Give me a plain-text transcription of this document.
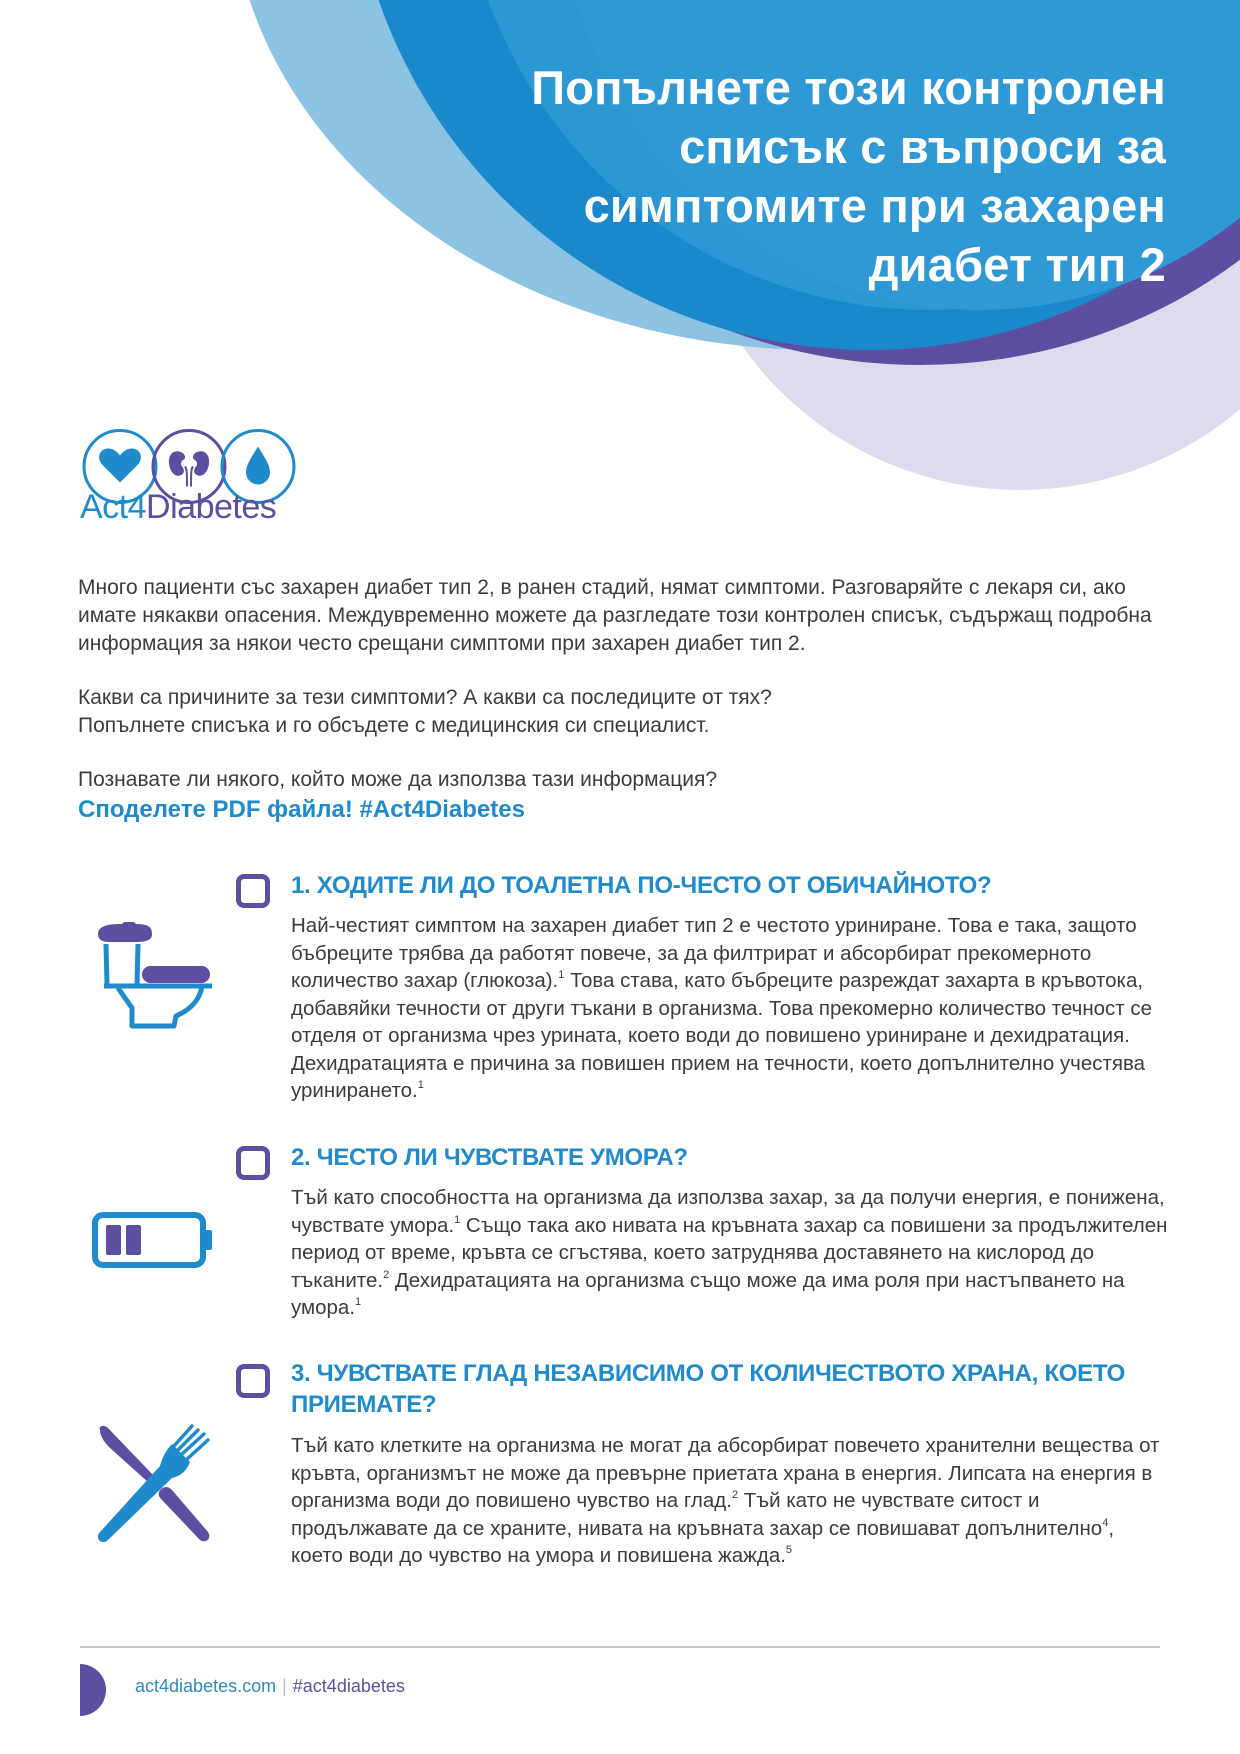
Попълнете този контролен
списък с въпроси за
симптомите при захарен
диабет тип 2
Act4Diabetes

Много пациенти със захарен диабет тип 2, в ранен стадий, нямат симптоми. Разговаряйте с лекаря си, ако имате някакви опасения. Междувременно можете да разгледате този контролен списък, съдържащ подробна информация за някои често срещани симптоми при захарен диабет тип 2.

Какви са причините за тези симптоми? А какви са последиците от тях?
Попълнете списъка и го обсъдете с медицинския си специалист.

Познавате ли някого, който може да използва тази информация?

Споделете PDF файла! #Act4Diabetes

1. ХОДИТЕ ЛИ ДО ТОАЛЕТНА ПО-ЧЕСТО ОТ ОБИЧАЙНОТО?
Най-честият симптом на захарен диабет тип 2 е честото уриниране. Това е така, защото бъбреците трябва да работят повече, за да филтрират и абсорбират прекомерното количество захар (глюкоза).$^1$ Това става, като бъбреците разреждат захарта в кръвотока, добавяйки течности от други тъкани в организма. Това прекомерно количество течност се отделя от организма чрез урината, което води до повишено уриниране и дехидратация. Дехидратацията е причина за повишен прием на течности, което допълнително учестява уринирането.$^1$
2. ЧЕСТО ЛИ ЧУВСТВАТЕ УМОРА?
Тъй като способността на организма да използва захар, за да получи енергия, е понижена, чувствате умора.$^1$ Също така ако нивата на кръвната захар са повишени за продължителен период от време, кръвта се сгъстява, което затруднява доставянето на кислород до тъканите.$^2$ Дехидратацията на организма също може да има роля при настъпването на умора.$^1$
3. ЧУВСТВАТЕ ГЛАД НЕЗАВИСИМО ОТ КОЛИЧЕСТВОТО ХРАНА, КОЕТО ПРИЕМАТЕ?
Тъй като клетките на организма не могат да абсорбират повечето хранителни вещества от кръвта, организмът не може да превърне приетата храна в енергия. Липсата на енергия в организма води до повишено чувство на глад.$^2$ Тъй като не чувствате ситост и продължавате да се храните, нивата на кръвната захар се повишават допълнително$^4$, което води до чувство на умора и повишена жажда.$^5$
act4diabetes.com | #act4diabetes
